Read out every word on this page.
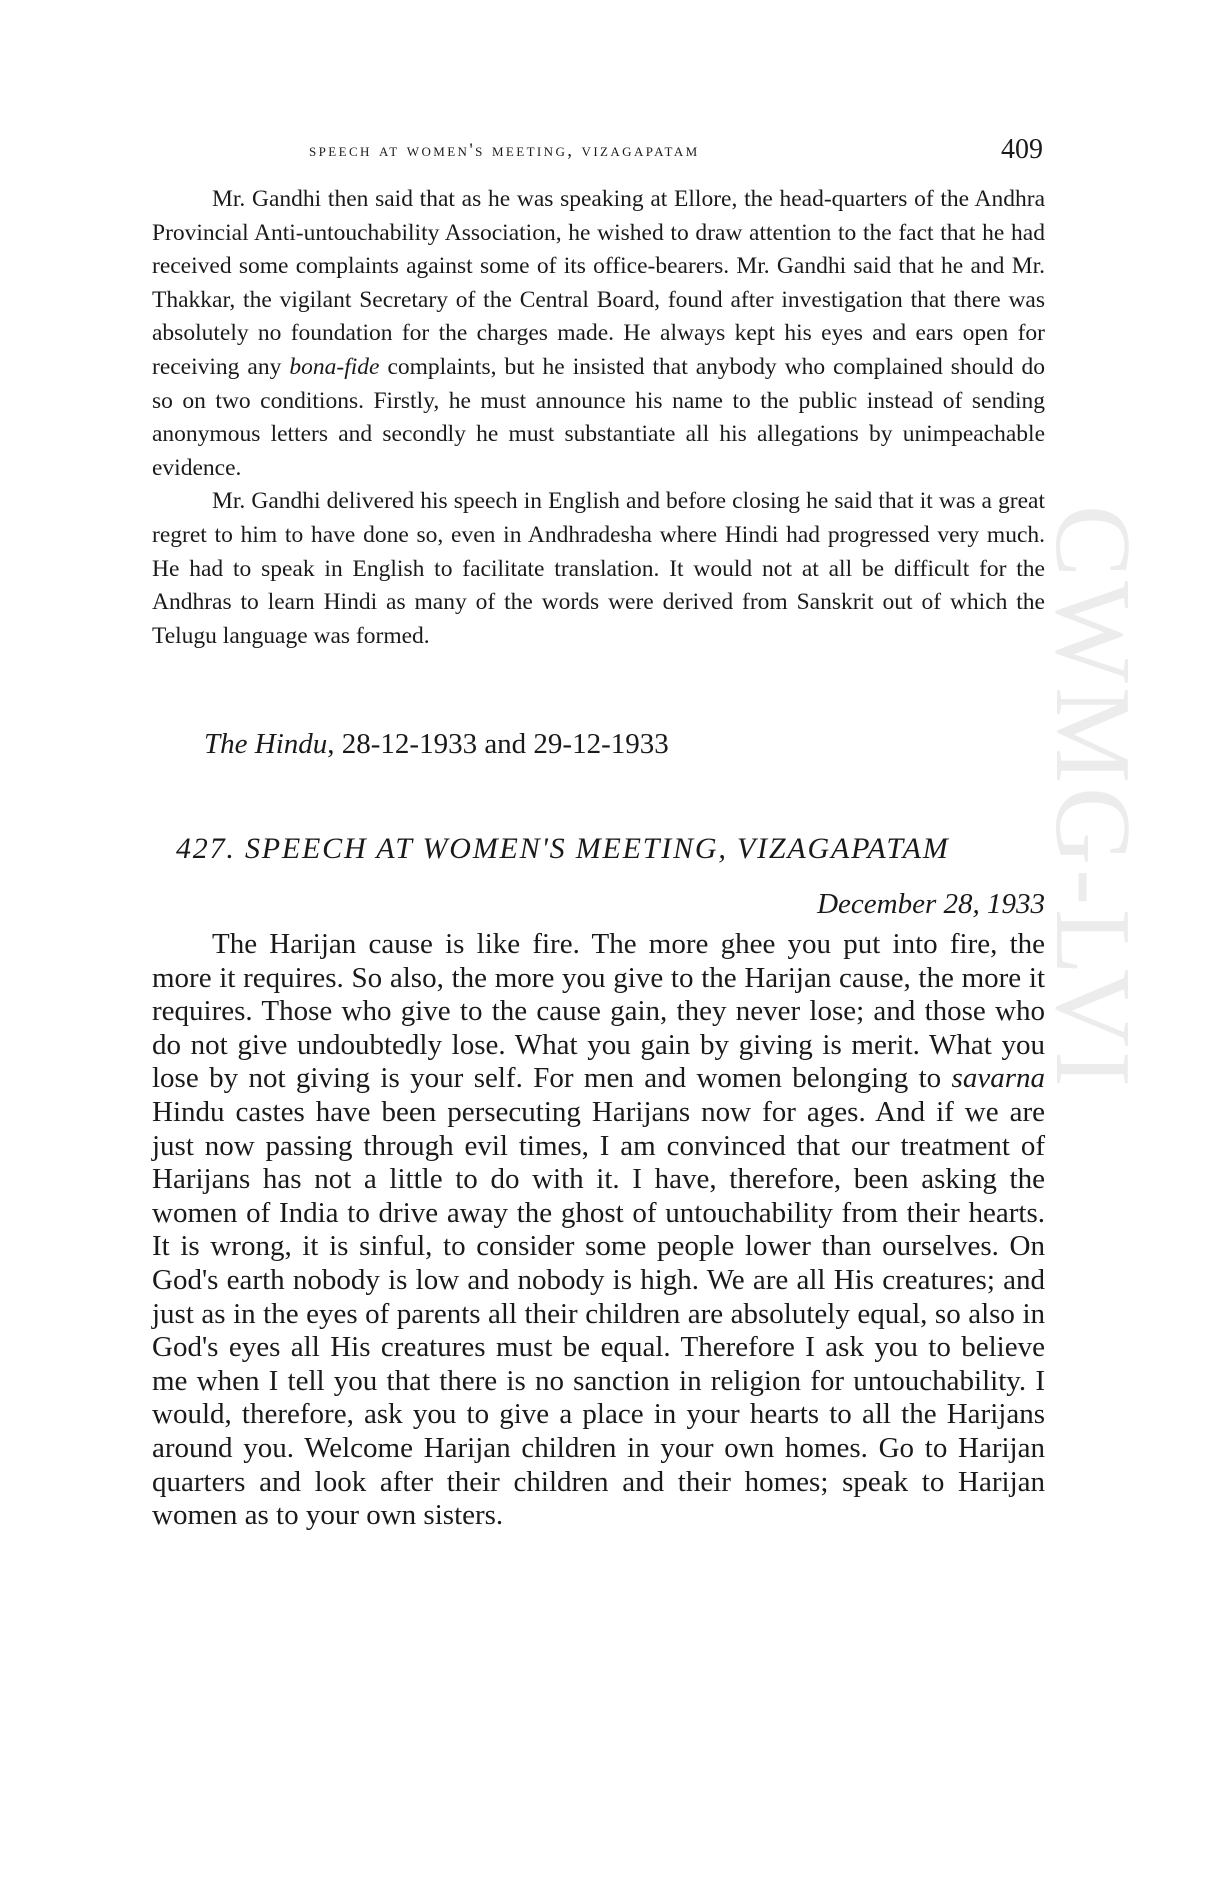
CWMG-LVI
speech at women's meeting, vizagapatam	409

Mr. Gandhi then said that as he was speaking at Ellore, the head-quarters of the Andhra Provincial Anti-untouchability Association, he wished to draw attention to the fact that he had received some complaints against some of its office-bearers. Mr. Gandhi said that he and Mr. Thakkar, the vigilant Secretary of the Central Board, found after investigation that there was absolutely no foundation for the charges made. He always kept his eyes and ears open for receiving any bona-fide complaints, but he insisted that anybody who complained should do so on two conditions. Firstly, he must announce his name to the public instead of sending anonymous letters and secondly he must substantiate all his allegations by unimpeachable evidence.

Mr. Gandhi delivered his speech in English and before closing he said that it was a great regret to him to have done so, even in Andhradesha where Hindi had progressed very much. He had to speak in English to facilitate translation. It would not at all be difficult for the Andhras to learn Hindi as many of the words were derived from Sanskrit out of which the Telugu language was formed.

The Hindu, 28-12-1933 and 29-12-1933
427. SPEECH AT WOMEN'S MEETING, VIZAGAPATAM
December 28, 1933

The Harijan cause is like fire. The more ghee you put into fire, the more it requires. So also, the more you give to the Harijan cause, the more it requires. Those who give to the cause gain, they never lose; and those who do not give undoubtedly lose. What you gain by giving is merit. What you lose by not giving is your self. For men and women belonging to savarna Hindu castes have been persecuting Harijans now for ages. And if we are just now passing through evil times, I am convinced that our treatment of Harijans has not a little to do with it. I have, therefore, been asking the women of India to drive away the ghost of untouchability from their hearts. It is wrong, it is sinful, to consider some people lower than ourselves. On God's earth nobody is low and nobody is high. We are all His creatures; and just as in the eyes of parents all their children are absolutely equal, so also in God's eyes all His creatures must be equal. Therefore I ask you to believe me when I tell you that there is no sanction in religion for untouchability. I would, therefore, ask you to give a place in your hearts to all the Harijans around you. Welcome Harijan children in your own homes. Go to Harijan quarters and look after their children and their homes; speak to Harijan women as to your own sisters.
